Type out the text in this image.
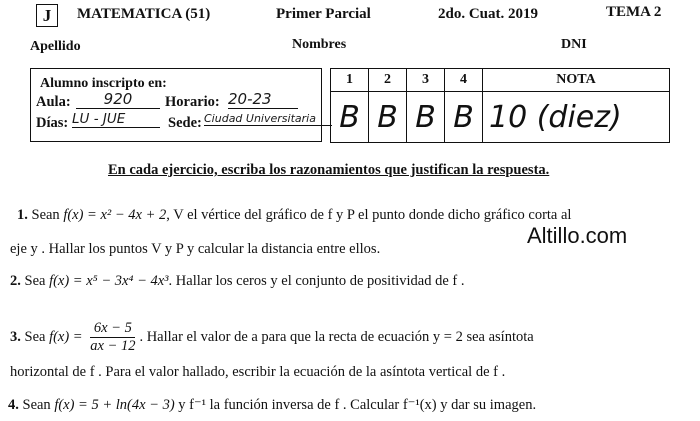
J	MATEMATICA (51)	Primer Parcial	2do. Cuat. 2019	TEMA 2
Apellido	Nombres	DNI
Alumno inscripto en:
Aula:	920	Horario: 20-23
Días: LU - JUE	Sede: Ciudad Universitaria
1	2	3	4	NOTA
B	B	B	B	10 (diez)
En cada ejercicio, escriba los razonamientos que justifican la respuesta.
1. Sean f(x) = x² − 4x + 2, V el vértice del gráfico de f y P el punto donde dicho gráfico corta al
eje y . Hallar los puntos V y P y calcular la distancia entre ellos.
2. Sea f(x) = x⁵ − 3x⁴ − 4x³. Hallar los ceros y el conjunto de positividad de f .
3. Sea $f(x) = \frac{6x - 5}{ax - 12}$ . Hallar el valor de a para que la recta de ecuación y = 2 sea asíntota
horizontal de f . Para el valor hallado, escribir la ecuación de la asíntota vertical de f .
4. Sean f(x) = 5 + ln(4x − 3) y f⁻¹ la función inversa de f . Calcular f⁻¹(x) y dar su imagen.
Altillo.com
